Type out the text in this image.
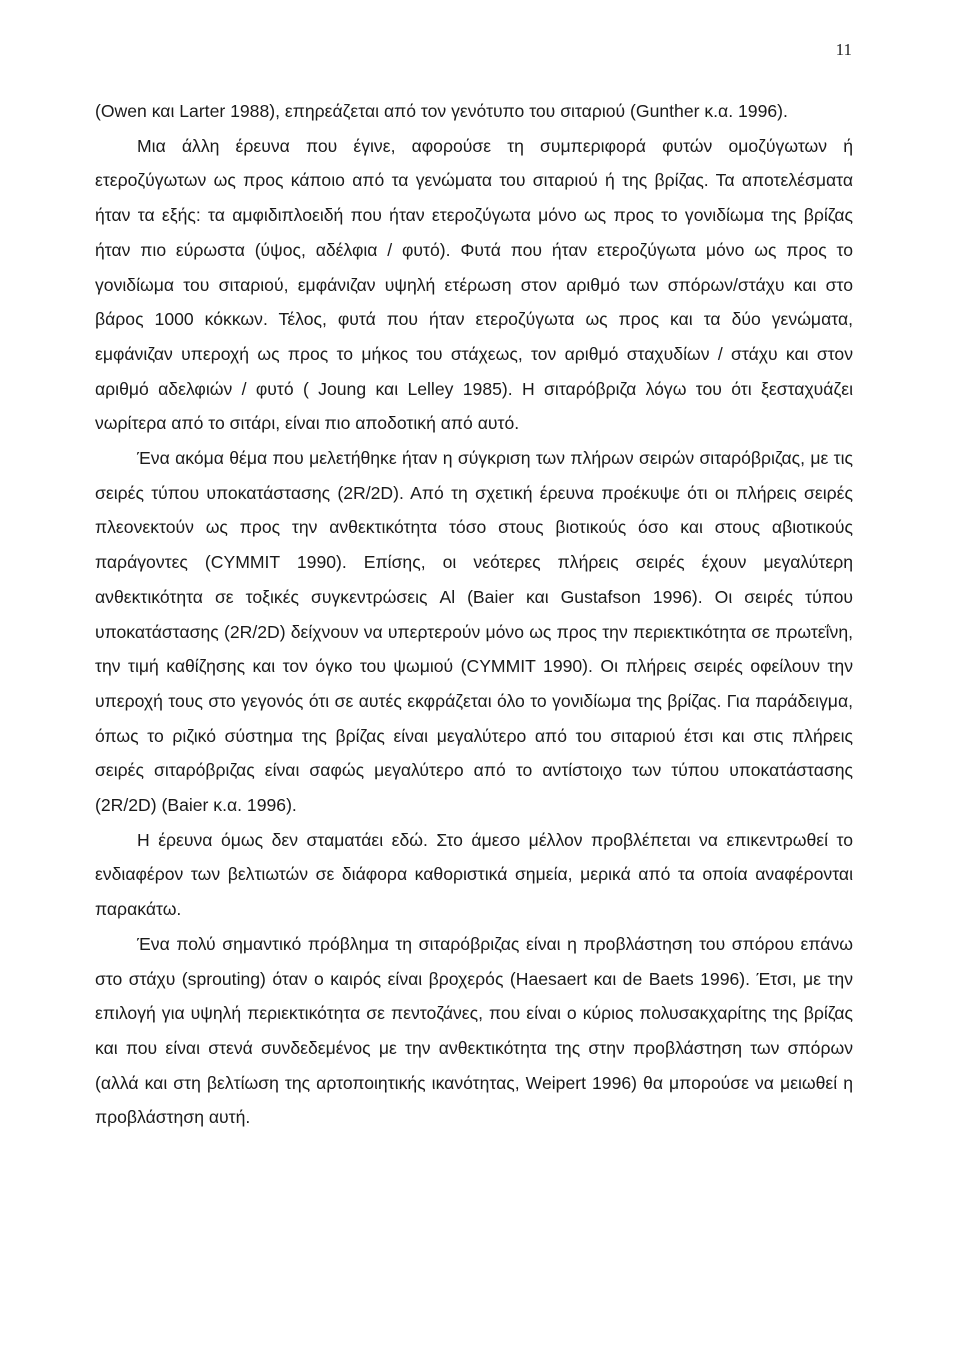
11

(Owen και Larter 1988), επηρεάζεται από τον γενότυπο του σιταριού (Gunther κ.α. 1996).

Μια άλλη έρευνα που έγινε, αφορούσε τη συμπεριφορά φυτών ομοζύγωτων ή ετεροζύγωτων ως προς κάποιο από τα γενώματα του σιταριού ή της βρίζας. Τα αποτελέσματα ήταν τα εξής: τα αμφιδιπλοειδή που ήταν ετεροζύγωτα μόνο ως προς το γονιδίωμα της βρίζας ήταν πιο εύρωστα (ύψος, αδέλφια / φυτό). Φυτά που ήταν ετεροζύγωτα μόνο ως προς το γονιδίωμα του σιταριού, εμφάνιζαν υψηλή ετέρωση στον αριθμό των σπόρων/στάχυ και στο βάρος 1000 κόκκων. Τέλος, φυτά που ήταν ετεροζύγωτα ως προς και τα δύο γενώματα, εμφάνιζαν υπεροχή ως προς το μήκος του στάχεως, τον αριθμό σταχυδίων / στάχυ και στον αριθμό αδελφιών / φυτό ( Joung και Lelley 1985). Η σιταρόβριζα λόγω του ότι ξεσταχυάζει νωρίτερα από το σιτάρι, είναι πιο αποδοτική από αυτό.

Ένα ακόμα θέμα που μελετήθηκε ήταν η σύγκριση των πλήρων σειρών σιταρόβριζας, με τις σειρές τύπου υποκατάστασης (2R/2D). Από τη σχετική έρευνα προέκυψε ότι οι πλήρεις σειρές πλεονεκτούν ως προς την ανθεκτικότητα τόσο στους βιοτικούς όσο και στους αβιοτικούς παράγοντες (CYMMIT 1990). Επίσης, οι νεότερες πλήρεις σειρές έχουν μεγαλύτερη ανθεκτικότητα σε τοξικές συγκεντρώσεις Al (Baier και Gustafson 1996). Οι σειρές τύπου υποκατάστασης (2R/2D) δείχνουν να υπερτερούν μόνο ως προς την περιεκτικότητα σε πρωτεΐνη, την τιμή καθίζησης και τον όγκο του ψωμιού (CYMMIT 1990). Οι πλήρεις σειρές οφείλουν την υπεροχή τους στο γεγονός ότι σε αυτές εκφράζεται όλο το γονιδίωμα της βρίζας. Για παράδειγμα, όπως το ριζικό σύστημα της βρίζας είναι μεγαλύτερο από του σιταριού έτσι και στις πλήρεις σειρές σιταρόβριζας είναι σαφώς μεγαλύτερο από το αντίστοιχο των τύπου υποκατάστασης (2R/2D) (Baier κ.α. 1996).

Η έρευνα όμως δεν σταματάει εδώ. Στο άμεσο μέλλον προβλέπεται να επικεντρωθεί το ενδιαφέρον των βελτιωτών σε διάφορα καθοριστικά σημεία, μερικά από τα οποία αναφέρονται παρακάτω.

Ένα πολύ σημαντικό πρόβλημα τη σιταρόβριζας είναι η προβλάστηση του σπόρου επάνω στο στάχυ (sprouting) όταν ο καιρός είναι βροχερός (Haesaert και de Baets 1996). Έτσι, με την επιλογή για υψηλή περιεκτικότητα σε πεντοζάνες, που είναι ο κύριος πολυσακχαρίτης της βρίζας και που είναι στενά συνδεδεμένος με την ανθεκτικότητα της στην προβλάστηση των σπόρων (αλλά και στη βελτίωση της αρτοποιητικής ικανότητας, Weipert 1996) θα μπορούσε να μειωθεί η προβλάστηση αυτή.
